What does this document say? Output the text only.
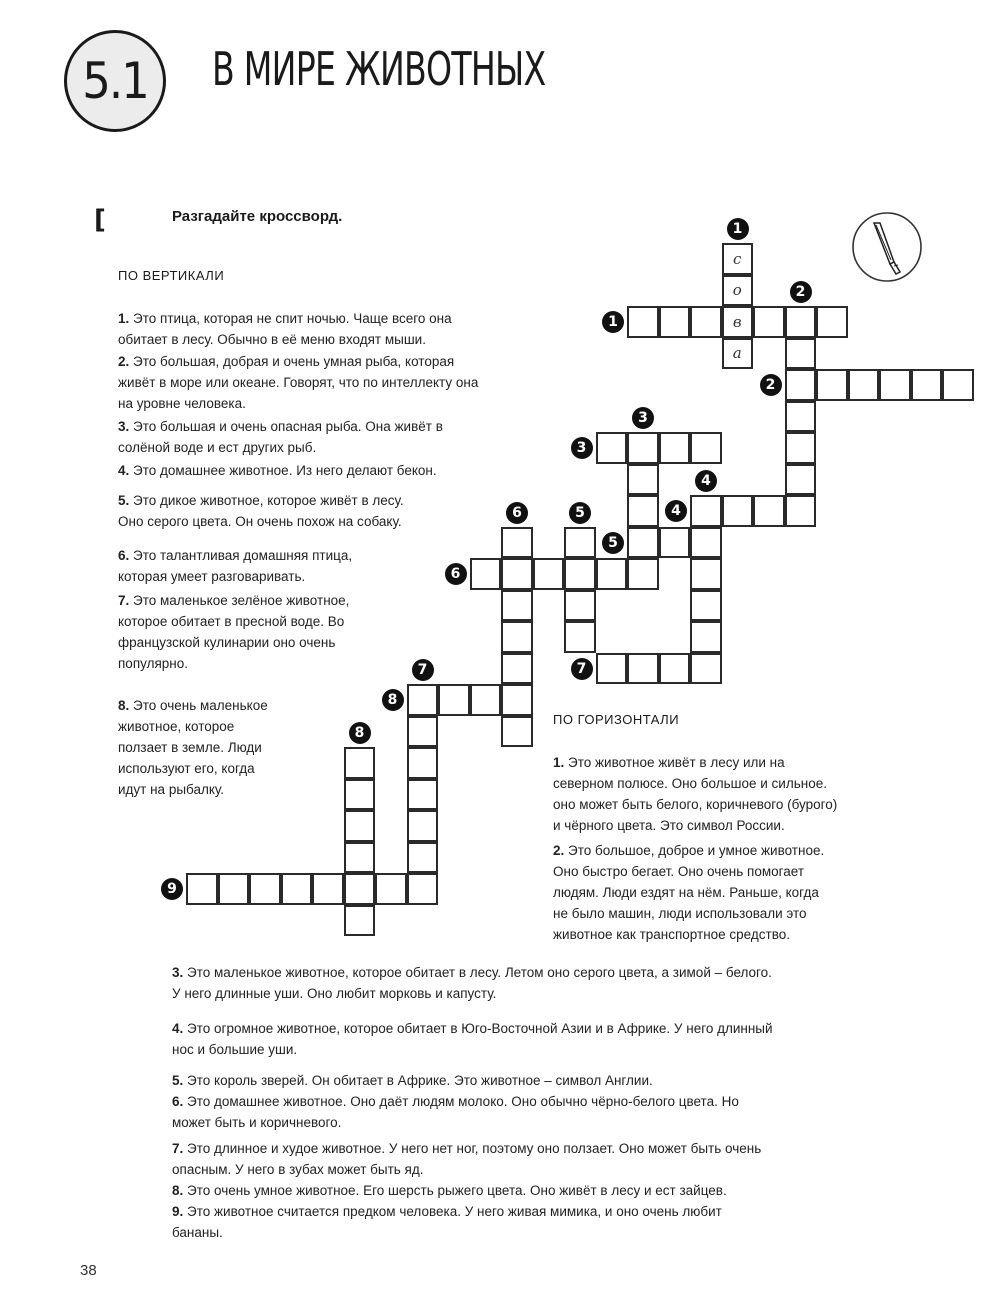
5.1 В МИРЕ ЖИВОТНЫХ
[	Разгадайте кроссворд.
ПО ВЕРТИКАЛИ
1. Это птица, которая не спит ночью. Чаще всего она
обитает в лесу. Обычно в её меню входят мыши.
2. Это большая, добрая и очень умная рыба, которая
живёт в море или океане. Говорят, что по интеллекту она
на уровне человека.
3. Это большая и очень опасная рыба. Она живёт в
солёной воде и ест других рыб.
4. Это домашнее животное. Из него делают бекон.
5. Это дикое животное, которое живёт в лесу.
Оно серого цвета. Он очень похож на собаку.
6. Это талантливая домашняя птица,
которая умеет разговаривать.
7. Это маленькое зелёное животное,
которое обитает в пресной воде. Во
французской кулинарии оно очень
популярно.
8. Это очень маленькое
животное, которое
ползает в земле. Люди
используют его, когда
идут на рыбалку.
ПО ГОРИЗОНТАЛИ
1. Это животное живёт в лесу или на
северном полюсе. Оно большое и сильное.
оно может быть белого, коричневого (бурого)
и чёрного цвета. Это символ России.
2. Это большое, доброе и умное животное.
Оно быстро бегает. Оно очень помогает
людям. Люди ездят на нём. Раньше, когда
не было машин, люди использовали это
животное как транспортное средство.
3. Это маленькое животное, которое обитает в лесу. Летом оно серого цвета, а зимой – белого.
У него длинные уши. Оно любит морковь и капусту.
4. Это огромное животное, которое обитает в Юго-Восточной Азии и в Африке. У него длинный
нос и большие уши.
5. Это король зверей. Он обитает в Африке. Это животное – символ Англии.
6. Это домашнее животное. Оно даёт людям молоко. Оно обычно чёрно-белого цвета. Но
может быть и коричневого.
7. Это длинное и худое животное. У него нет ног, поэтому оно ползает. Оно может быть очень
опасным. У него в зубах может быть яд.
8. Это очень умное животное. Его шерсть рыжего цвета. Оно живёт в лесу и ест зайцев.
9. Это животное считается предком человека. У него живая мимика, и оно очень любит
бананы.
с
о
в
а
1
1
2
2
3
3
4
4
5
5
6
6
7	7
8
8
9
38
